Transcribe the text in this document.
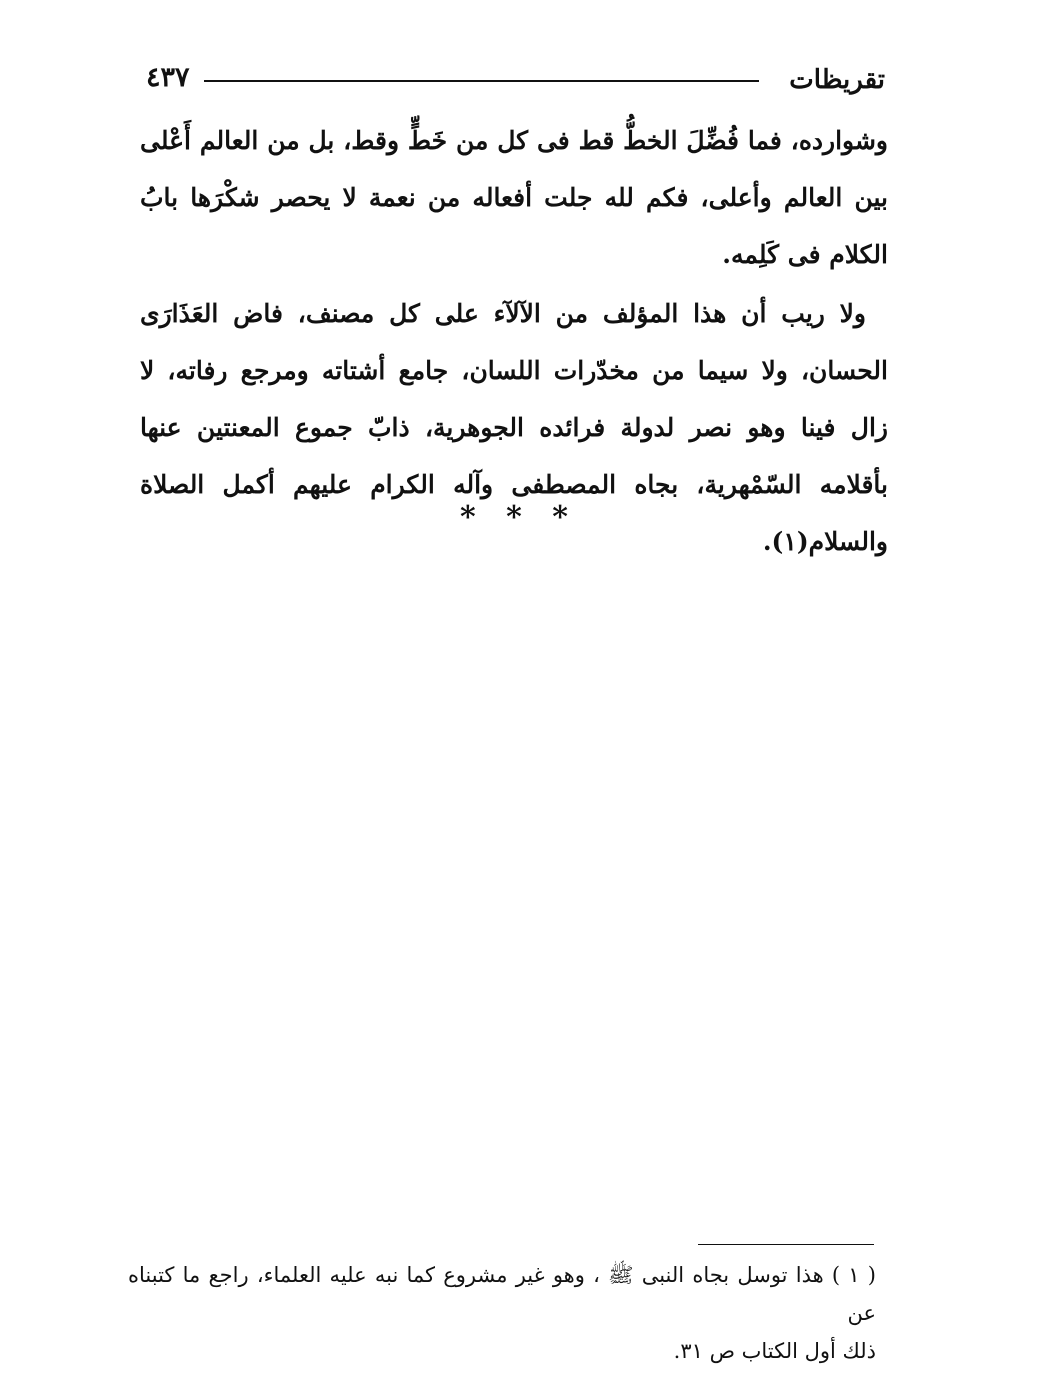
٤٣٧	تقريظات

وشوارده، فما فُضِّلَ الخطُّ قط فى كل من خَطٍّ وقط، بل من العالم أَعْلى بين العالم وأعلى، فكم لله جلت أفعاله من نعمة لا يحصر شكْرَها بابُ الكلام فى كَلِمه.

ولا ريب أن هذا المؤلف من الآلآء على كل مصنف، فاض العَذَارَى الحسان، ولا سيما من مخدّرات اللسان، جامع أشتاته ومرجع رفاته، لا زال فينا وهو نصر لدولة فرائده الجوهرية، ذابّ جموع المعنتين عنها بأقلامه السّمْهرية، بجاه المصطفى وآله الكرام عليهم أكمل الصلاة والسلام(١).

* * *

( ١ ) هذا توسل بجاه النبى ﷺ ، وهو غير مشروع كما نبه عليه العلماء، راجع ما كتبناه عن

ذلك أول الكتاب ص ٣١.
